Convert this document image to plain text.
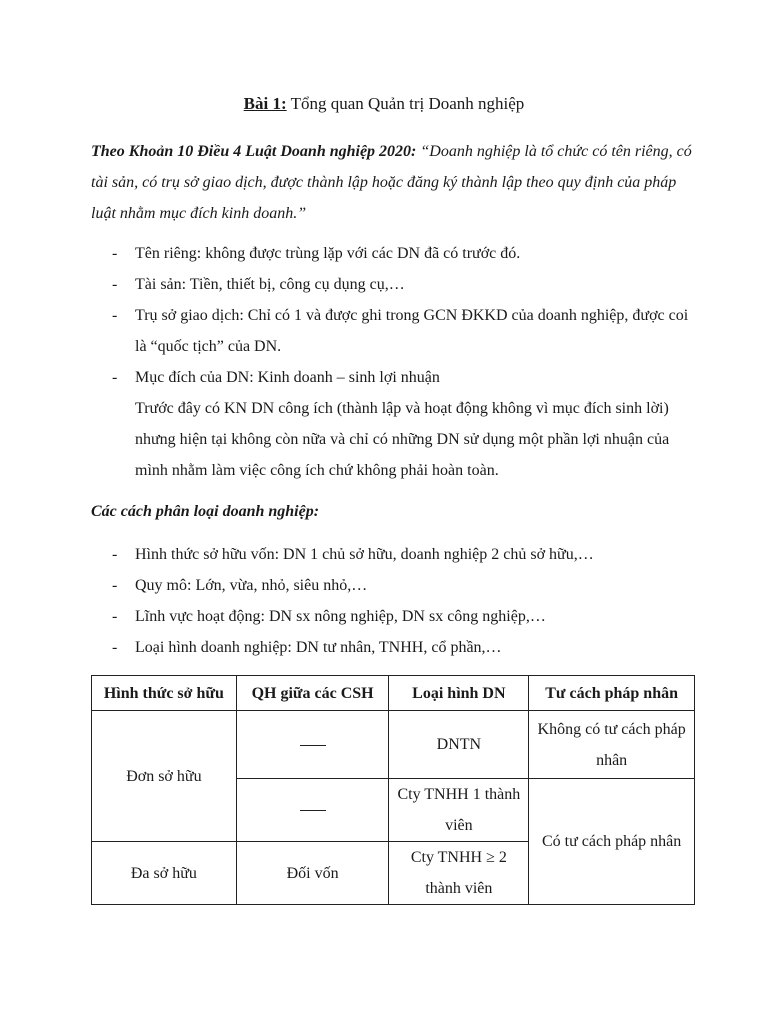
Bài 1: Tổng quan Quản trị Doanh nghiệp
Theo Khoản 10 Điều 4 Luật Doanh nghiệp 2020: “Doanh nghiệp là tổ chức có tên riêng, có tài sản, có trụ sở giao dịch, được thành lập hoặc đăng ký thành lập theo quy định của pháp luật nhằm mục đích kinh doanh.”
- Tên riêng: không được trùng lặp với các DN đã có trước đó.
- Tài sản: Tiền, thiết bị, công cụ dụng cụ,…
- Trụ sở giao dịch: Chỉ có 1 và được ghi trong GCN ĐKKD của doanh nghiệp, được coi là “quốc tịch” của DN.
- Mục đích của DN: Kinh doanh – sinh lợi nhuận
Trước đây có KN DN công ích (thành lập và hoạt động không vì mục đích sinh lời) nhưng hiện tại không còn nữa và chỉ có những DN sử dụng một phần lợi nhuận của mình nhằm làm việc công ích chứ không phải hoàn toàn.
Các cách phân loại doanh nghiệp:
- Hình thức sở hữu vốn: DN 1 chủ sở hữu, doanh nghiệp 2 chủ sở hữu,…
- Quy mô: Lớn, vừa, nhỏ, siêu nhỏ,…
- Lĩnh vực hoạt động: DN sx nông nghiệp, DN sx công nghiệp,…
- Loại hình doanh nghiệp: DN tư nhân, TNHH, cổ phần,…
Hình thức sở hữu	QH giữa các CSH	Loại hình DN	Tư cách pháp nhân
Đơn sở hữu		DNTN	Không có tư cách pháp nhân
		Cty TNHH 1 thành viên	Có tư cách pháp nhân
Đa sở hữu	Đối vốn	Cty TNHH ≥ 2 thành viên	
